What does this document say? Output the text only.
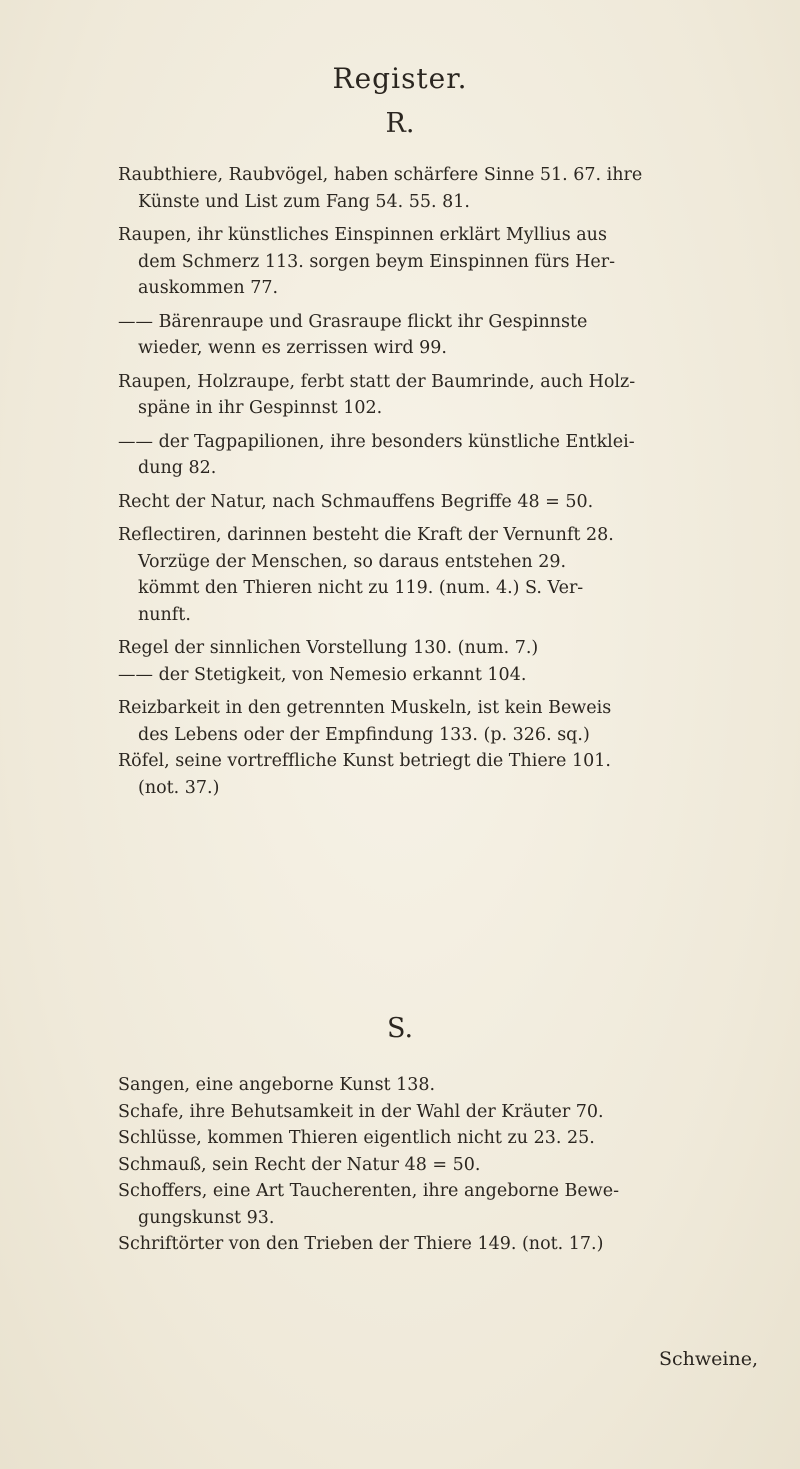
Register.
R.
Raubthiere, Raubvögel, haben schärfere Sinne 51. 67. ihre
Künste und List zum Fang 54. 55. 81.
Raupen, ihr künstliches Einspinnen erklärt Myllius aus
dem Schmerz 113. sorgen beym Einspinnen fürs Her-
auskommen 77.
—— Bärenraupe und Grasraupe flickt ihr Gespinnste
wieder, wenn es zerrissen wird 99.
Raupen, Holzraupe, ferbt statt der Baumrinde, auch Holz-
späne in ihr Gespinnst 102.
—— der Tagpapilionen, ihre besonders künstliche Entklei-
dung 82.
Recht der Natur, nach Schmauffens Begriffe 48 = 50.
Reflectiren, darinnen besteht die Kraft der Vernunft 28.
Vorzüge der Menschen, so daraus entstehen 29.
kömmt den Thieren nicht zu 119. (num. 4.) S. Ver-
nunft.
Regel der sinnlichen Vorstellung 130. (num. 7.)
—— der Stetigkeit, von Nemesio erkannt 104.
Reizbarkeit in den getrennten Muskeln, ist kein Beweis
des Lebens oder der Empfindung 133. (p. 326. sq.)
Röfel, seine vortreffliche Kunst betriegt die Thiere 101.
(not. 37.)
S.
Sangen, eine angeborne Kunst 138.
Schafe, ihre Behutsamkeit in der Wahl der Kräuter 70.
Schlüsse, kommen Thieren eigentlich nicht zu 23. 25.
Schmauß, sein Recht der Natur 48 = 50.
Schoffers, eine Art Taucherenten, ihre angeborne Bewe-
gungskunst 93.
Schriftörter von den Trieben der Thiere 149. (not. 17.)
Schweine,
